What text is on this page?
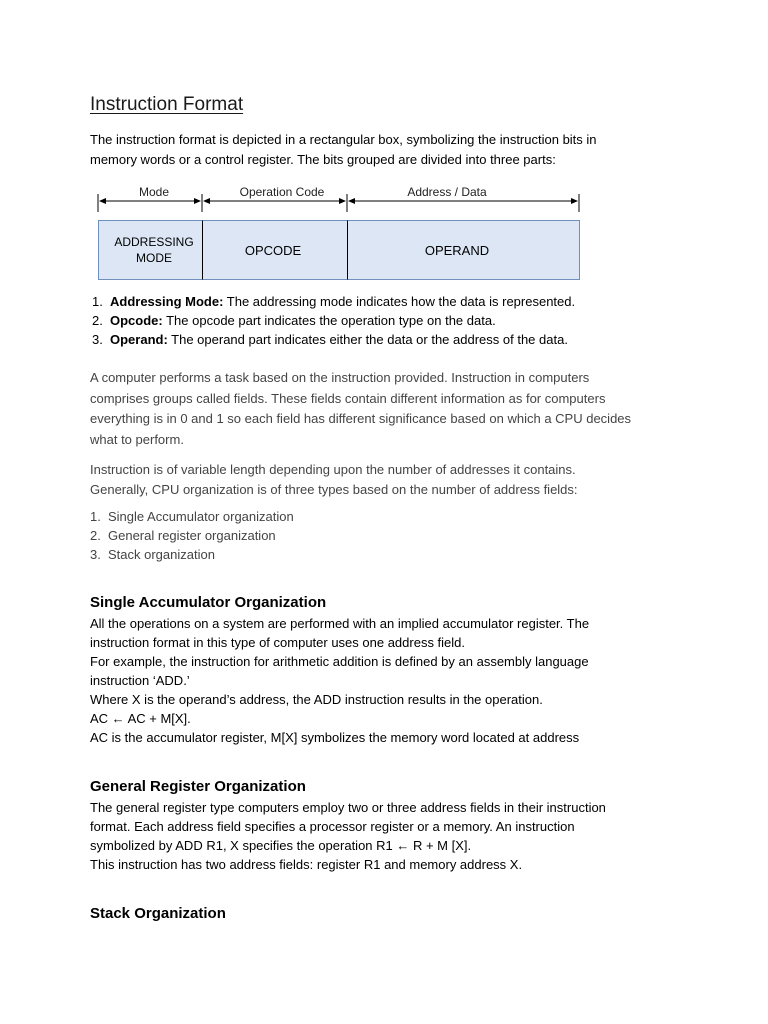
Instruction Format
The instruction format is depicted in a rectangular box, symbolizing the instruction bits in
memory words or a control register. The bits grouped are divided into three parts:
Mode	Operation Code	Address / Data
ADDRESSING
MODE	OPCODE	OPERAND
1. Addressing Mode: The addressing mode indicates how the data is represented.
2. Opcode: The opcode part indicates the operation type on the data.
3. Operand: The operand part indicates either the data or the address of the data.
A computer performs a task based on the instruction provided. Instruction in computers
comprises groups called fields. These fields contain different information as for computers
everything is in 0 and 1 so each field has different significance based on which a CPU decides
what to perform.
Instruction is of variable length depending upon the number of addresses it contains.
Generally, CPU organization is of three types based on the number of address fields:
1. Single Accumulator organization
2. General register organization
3. Stack organization
Single Accumulator Organization
All the operations on a system are performed with an implied accumulator register. The
instruction format in this type of computer uses one address field.
For example, the instruction for arithmetic addition is defined by an assembly language
instruction ‘ADD.’
Where X is the operand’s address, the ADD instruction results in the operation.
AC ← AC + M[X].
AC is the accumulator register, M[X] symbolizes the memory word located at address
General Register Organization
The general register type computers employ two or three address fields in their instruction
format. Each address field specifies a processor register or a memory. An instruction
symbolized by ADD R1, X specifies the operation R1 ← R + M [X].
This instruction has two address fields: register R1 and memory address X.
Stack Organization
